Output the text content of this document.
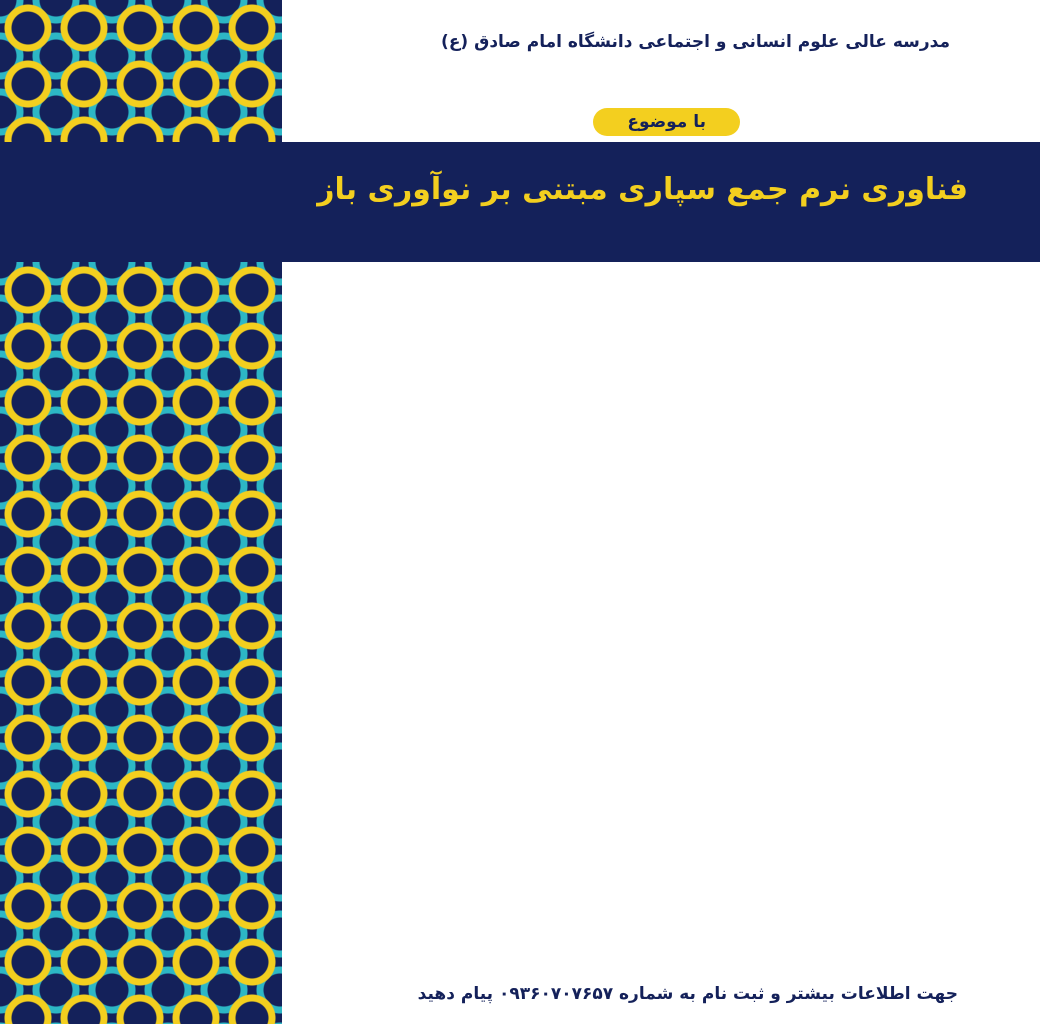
مدرسه عالی علوم انسانی و اجتماعی دانشگاه امام صادق (ع)
با موضوع
فناوری نرم جمع سپاری مبتنی بر نوآوری باز
جهت اطلاعات بیشتر و ثبت نام به شماره ۰۹۳۶۰۷۰۷۶۵۷ پیام دهید
